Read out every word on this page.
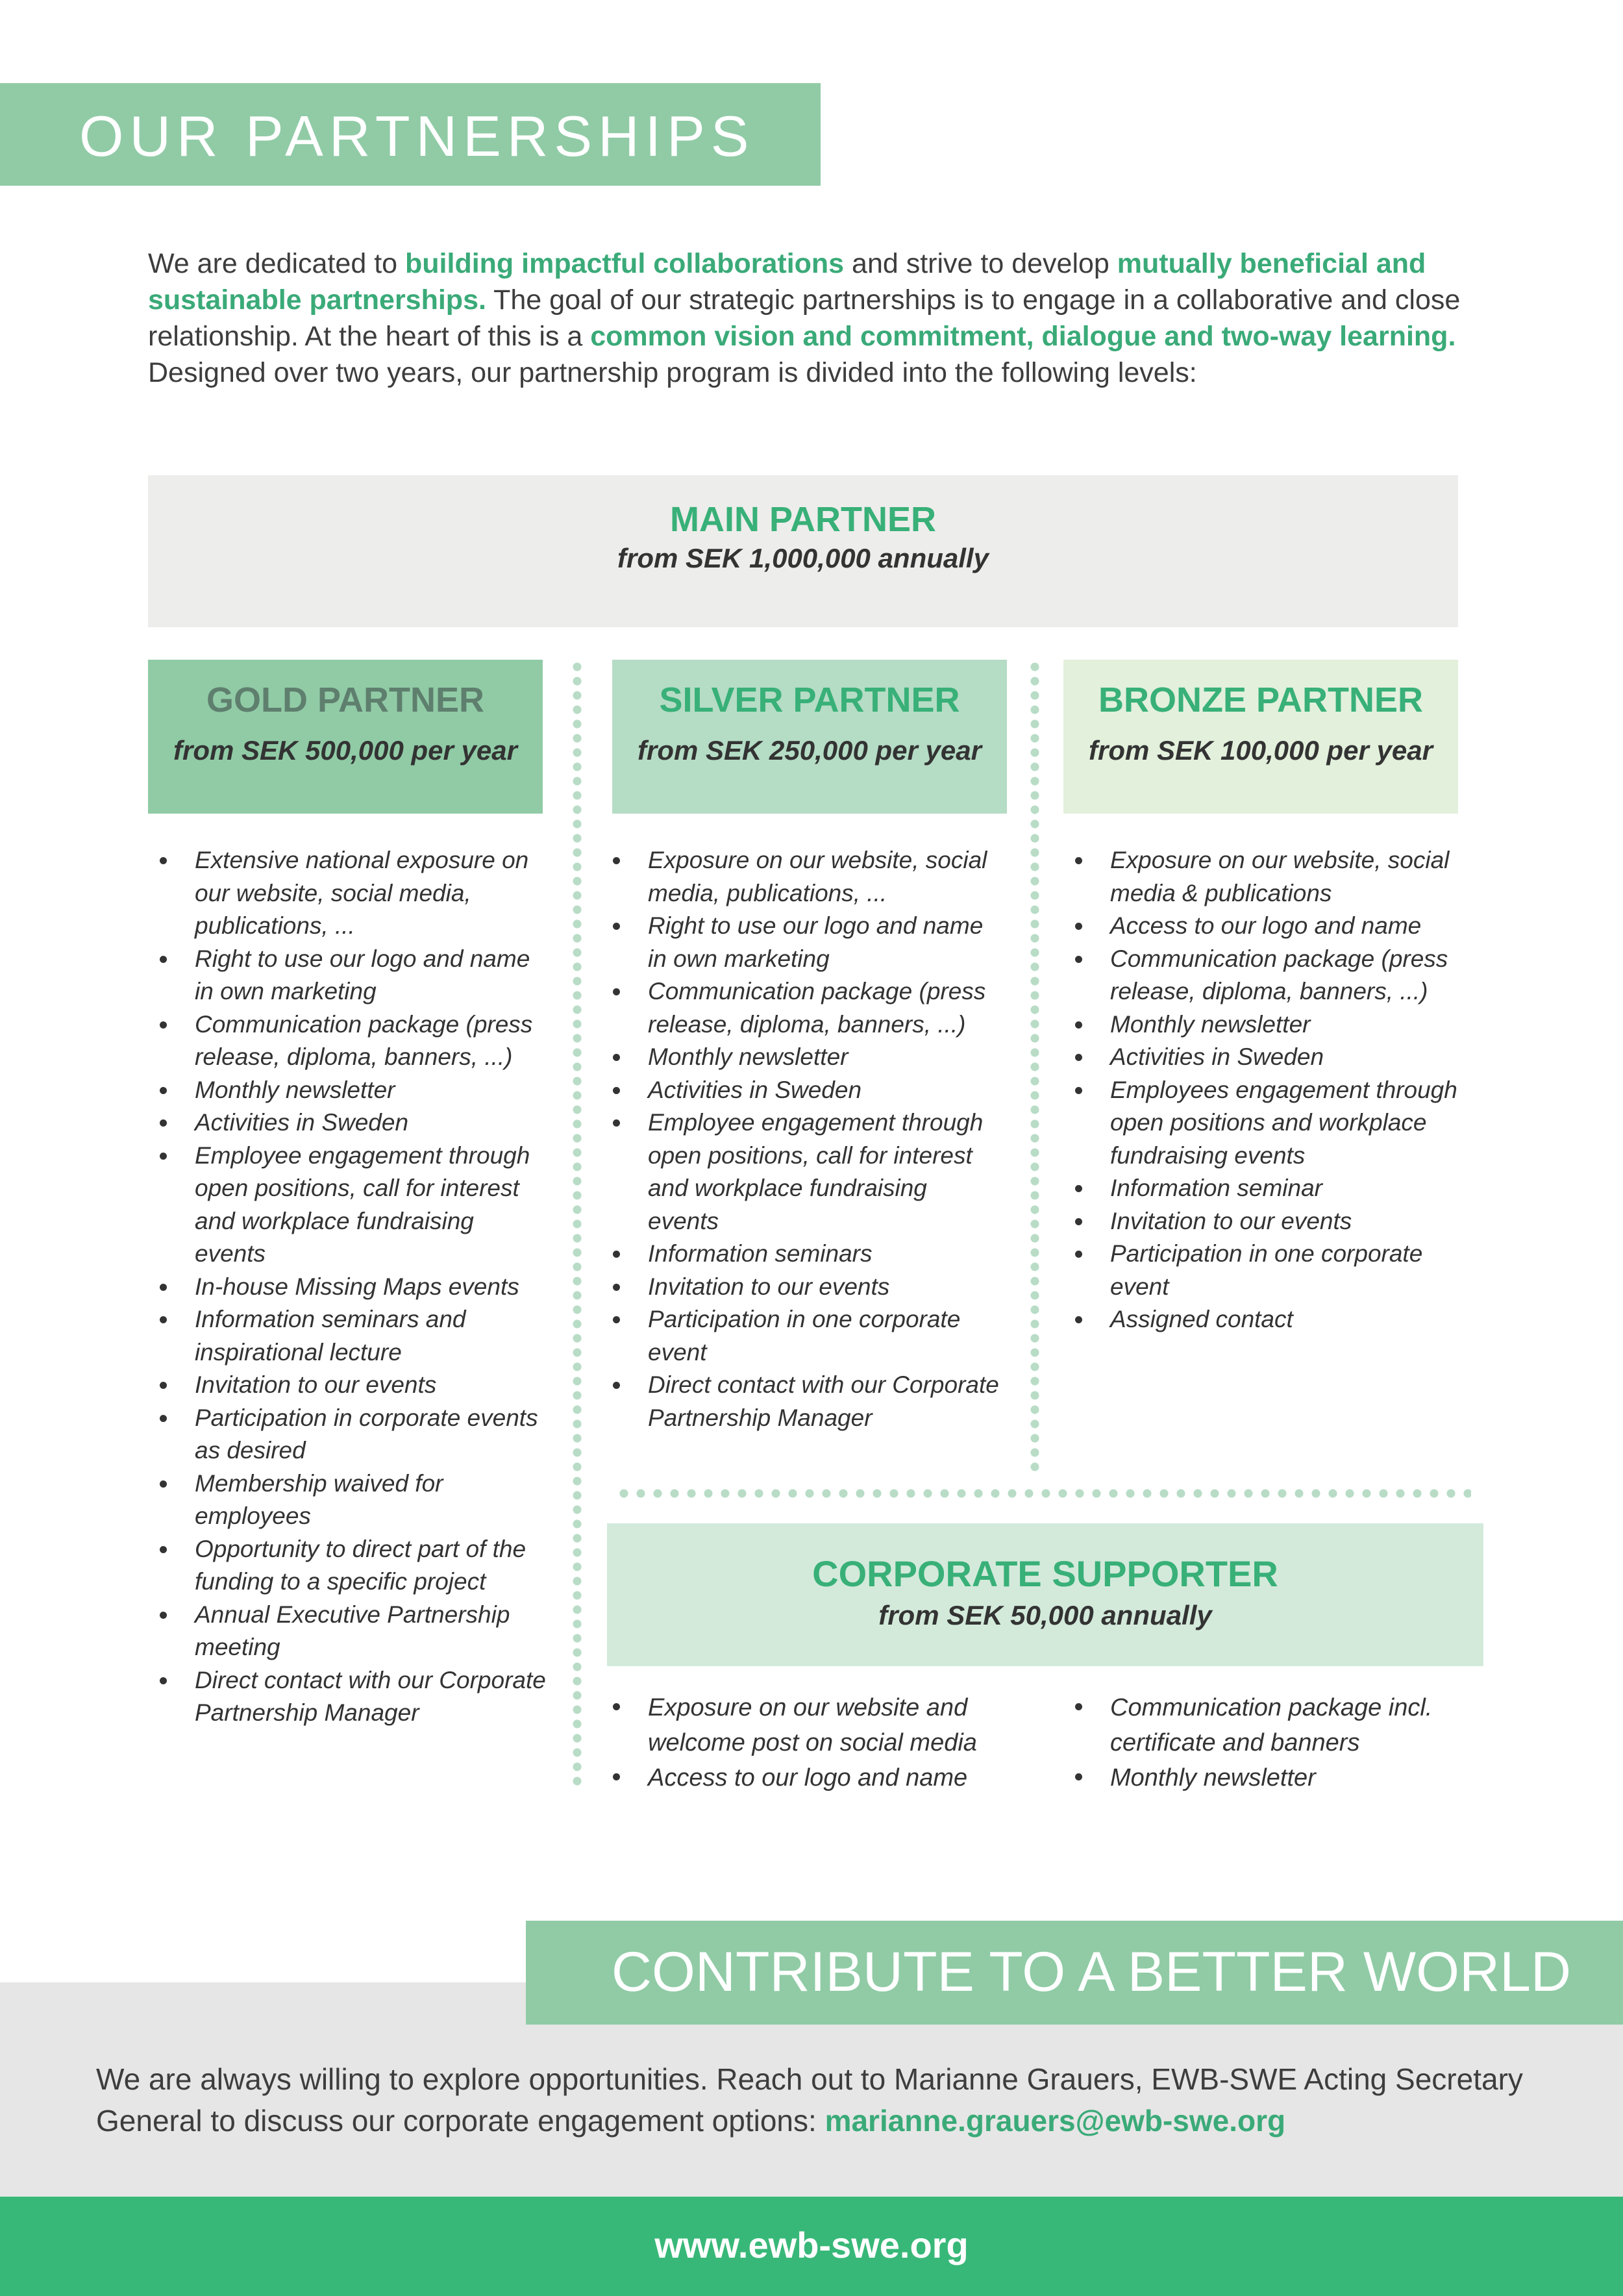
OUR PARTNERSHIPS

We are dedicated to building impactful collaborations and strive to develop mutually beneficial and sustainable partnerships. The goal of our strategic partnerships is to engage in a collaborative and close relationship. At the heart of this is a common vision and commitment, dialogue and two-way learning. Designed over two years, our partnership program is divided into the following levels:

MAIN PARTNER
from SEK 1,000,000 annually
GOLD PARTNER
from SEK 500,000 per year
SILVER PARTNER
from SEK 250,000 per year
BRONZE PARTNER
from SEK 100,000 per year
Extensive national exposure on our website, social media, publications, ...
Right to use our logo and name in own marketing
Communication package (press release, diploma, banners, ...)
Monthly newsletter
Activities in Sweden
Employee engagement through open positions, call for interest and workplace fundraising events
In-house Missing Maps events
Information seminars and inspirational lecture
Invitation to our events
Participation in corporate events as desired
Membership waived for employees
Opportunity to direct part of the funding to a specific project
Annual Executive Partnership meeting
Direct contact with our Corporate Partnership Manager
Exposure on our website, social media, publications, ...
Right to use our logo and name in own marketing
Communication package (press release, diploma, banners, ...)
Monthly newsletter
Activities in Sweden
Employee engagement through open positions, call for interest and workplace fundraising events
Information seminars
Invitation to our events
Participation in one corporate event
Direct contact with our Corporate Partnership Manager
Exposure on our website, social media & publications
Access to our logo and name
Communication package (press release, diploma, banners, ...)
Monthly newsletter
Activities in Sweden
Employees engagement through open positions and workplace fundraising events
Information seminar
Invitation to our events
Participation in one corporate event
Assigned contact
CORPORATE SUPPORTER
from SEK 50,000 annually
Exposure on our website and welcome post on social media
Access to our logo and name
Communication package incl. certificate and banners
Monthly newsletter
CONTRIBUTE TO A BETTER WORLD

We are always willing to explore opportunities. Reach out to Marianne Grauers, EWB-SWE Acting Secretary General to discuss our corporate engagement options: marianne.grauers@ewb-swe.org

www.ewb-swe.org
